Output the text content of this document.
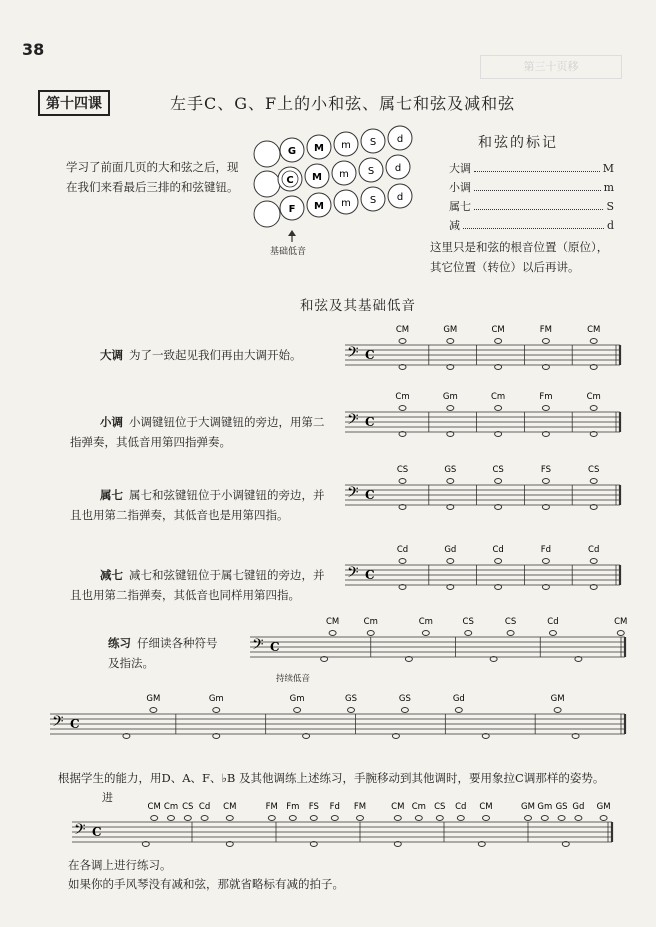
38
第三十页移
第十四课	左手C、G、F上的小和弦、属七和弦及减和弦
学习了前面几页的大和弦之后，现在我们来看最后三排的和弦键钮。
G M m S d
C M m S d
F M m S d
基础低音
和弦的标记
大调	M
小调	m
属七	S
减	d
这里只是和弦的根音位置（原位），其它位置（转位）以后再讲。
和弦及其基础低音
大调 为了一致起见我们再由大调开始。	𝄢 C
CM	GM	CM	FM	CM
小调 小调键钮位于大调键钮的旁边，用第二指弹奏，其低音用第四指弹奏。
𝄢 C
Cm	Gm	Cm	Fm	Cm
属七 属七和弦键钮位于小调键钮的旁边，并且也用第二指弹奏，其低音也是用第四指。
𝄢 C
CS	GS	CS	FS	CS
减七 减七和弦键钮位于属七键钮的旁边，并且也用第二指弹奏，其低音也同样用第四指。
𝄢 C
Cd	Gd	Cd	Fd	Cd
练习 仔细读各种符号及指法。
𝄢 C
CM	Cm	Cm	CS	CS	Cd	CM
持续低音
𝄢 C
GM	Gm	Gm	GS	GS	Gd	GM
根据学生的能力，用D、A、F、♭B 及其他调练上述练习，手腕移动到其他调时，要用象拉C调那样的姿势。
进
𝄢 C
CM Cm CS Cd CM	FM Fm FS Fd FM	CM Cm CS Cd CM	GM Gm GS Gd GM
在各调上进行练习。
如果你的手风琴没有减和弦，那就省略标有减的拍子。
